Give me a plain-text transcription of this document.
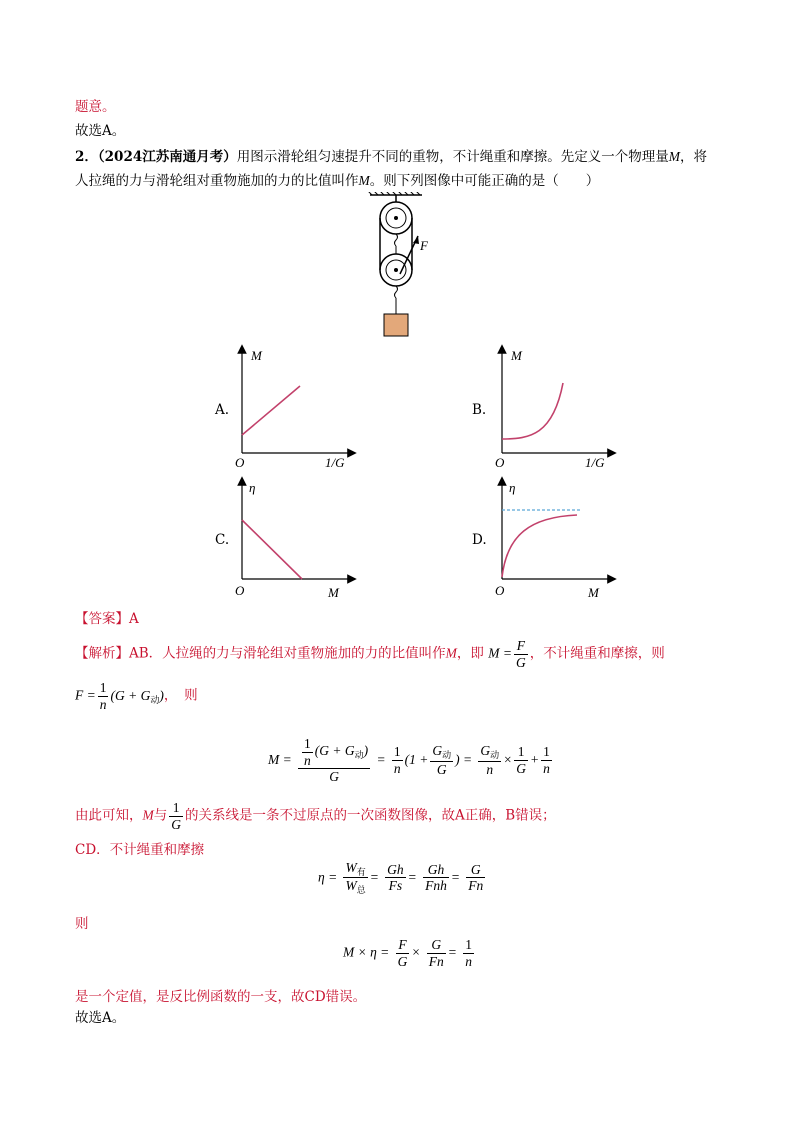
题意。
故选A。
2．（2024江苏南通月考）用图示滑轮组匀速提升不同的重物，不计绳重和摩擦。先定义一个物理量M，将
人拉绳的力与滑轮组对重物施加的力的比值叫作M。则下列图像中可能正确的是（　　）
F
A.
M
O	1/G
B.
M
O	1/G
C.
η
O	M
D.
η
O	M
【答案】A
【解析】AB．人拉绳的力与滑轮组对重物施加的力的比值叫作M，即 $M = \frac{F}{G}$ ，不计绳重和摩擦，则
$F = \frac{1}{n} (G + G_动)$，　则
$M = \frac{\frac{1}{n} (G + G_动)}{G} = \frac{1}{n} (1 + \frac{G_动}{G}$ ) = $\frac{G_动}{n} \times \frac{1}{G} + \frac{1}{n}$
由此可知，M与 $\frac{1}{G}$ 的关系线是一条不过原点的一次函数图像，故A正确，B错误；
CD．不计绳重和摩擦
$\eta = \frac{W_有}{W_总} = \frac{Gh}{Fs} = \frac{Gh}{\text{Fnh}} = \frac{G}{Fn}$
则
$M \times \eta = \frac{F}{G} \times \frac{G}{Fn} = \frac{1}{n}$
是一个定值，是反比例函数的一支，故CD错误。
故选A。
